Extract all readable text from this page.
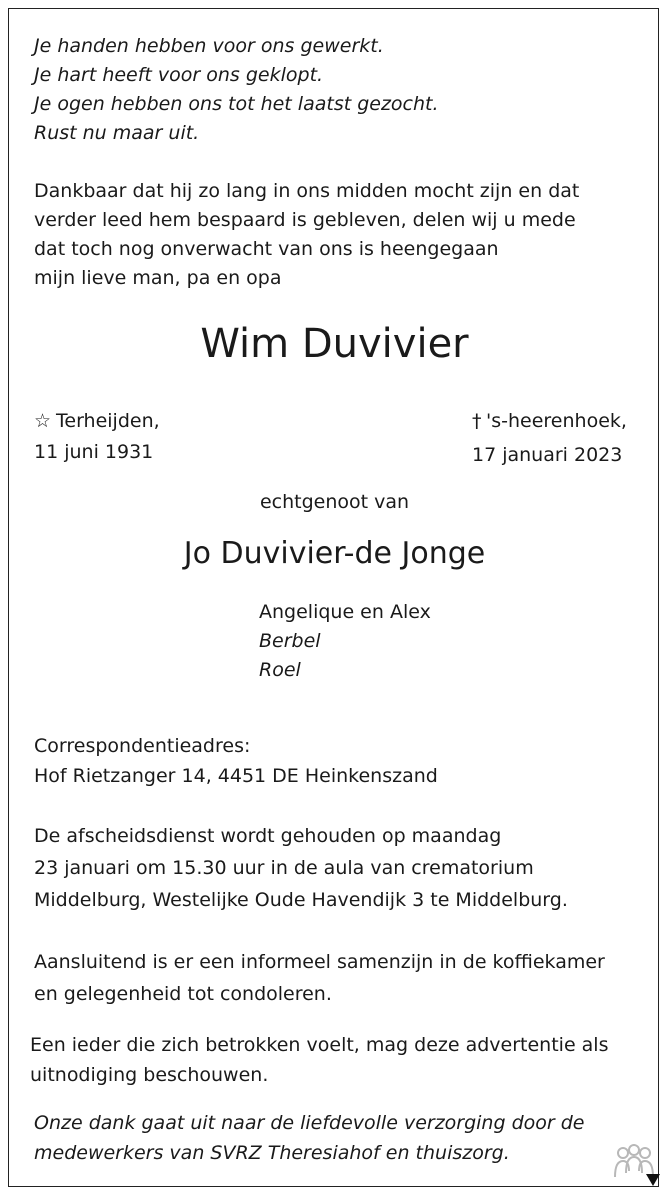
Je handen hebben voor ons gewerkt.
Je hart heeft voor ons geklopt.
Je ogen hebben ons tot het laatst gezocht.
Rust nu maar uit.
Dankbaar dat hij zo lang in ons midden mocht zijn en dat
verder leed hem bespaard is gebleven, delen wij u mede
dat toch nog onverwacht van ons is heengegaan
mijn lieve man, pa en opa
Wim Duvivier
☆ Terheijden,
11 juni 1931
† 's-heerenhoek,
17 januari 2023
echtgenoot van
Jo Duvivier-de Jonge
Angelique en Alex
Berbel
Roel
Correspondentieadres:
Hof Rietzanger 14, 4451 DE Heinkenszand
De afscheidsdienst wordt gehouden op maandag
23 januari om 15.30 uur in de aula van crematorium
Middelburg, Westelijke Oude Havendijk 3 te Middelburg.
Aansluitend is er een informeel samenzijn in de koffiekamer
en gelegenheid tot condoleren.
Een ieder die zich betrokken voelt, mag deze advertentie als
uitnodiging beschouwen.
Onze dank gaat uit naar de liefdevolle verzorging door de
medewerkers van SVRZ Theresiahof en thuiszorg.
